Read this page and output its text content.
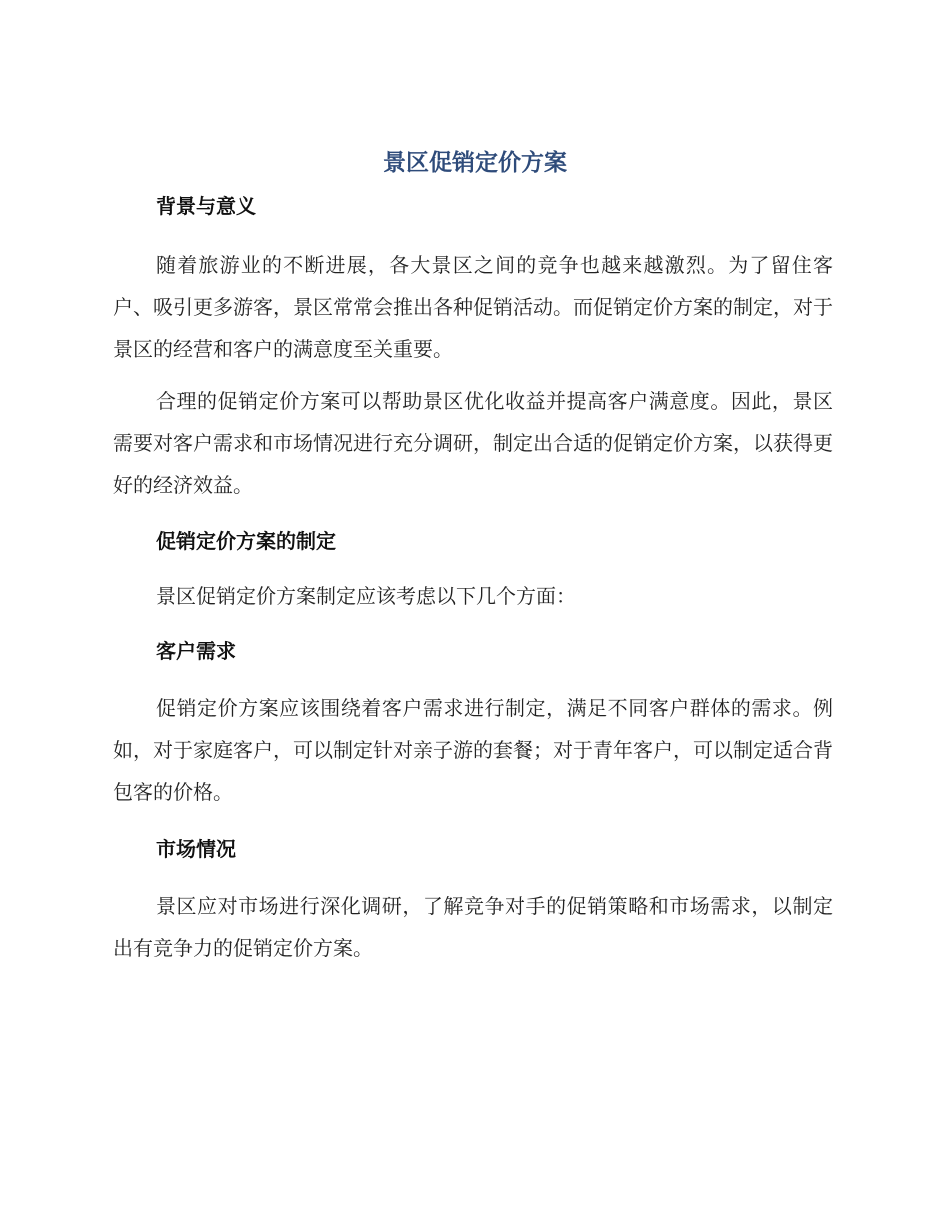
景区促销定价方案
背景与意义

随着旅游业的不断进展，各大景区之间的竞争也越来越激烈。为了留住客户、吸引更多游客，景区常常会推出各种促销活动。而促销定价方案的制定，对于景区的经营和客户的满意度至关重要。

合理的促销定价方案可以帮助景区优化收益并提高客户满意度。因此，景区需要对客户需求和市场情况进行充分调研，制定出合适的促销定价方案，以获得更好的经济效益。

促销定价方案的制定

景区促销定价方案制定应该考虑以下几个方面：

客户需求

促销定价方案应该围绕着客户需求进行制定，满足不同客户群体的需求。例如，对于家庭客户，可以制定针对亲子游的套餐；对于青年客户，可以制定适合背包客的价格。

市场情况

景区应对市场进行深化调研，了解竞争对手的促销策略和市场需求，以制定出有竞争力的促销定价方案。
